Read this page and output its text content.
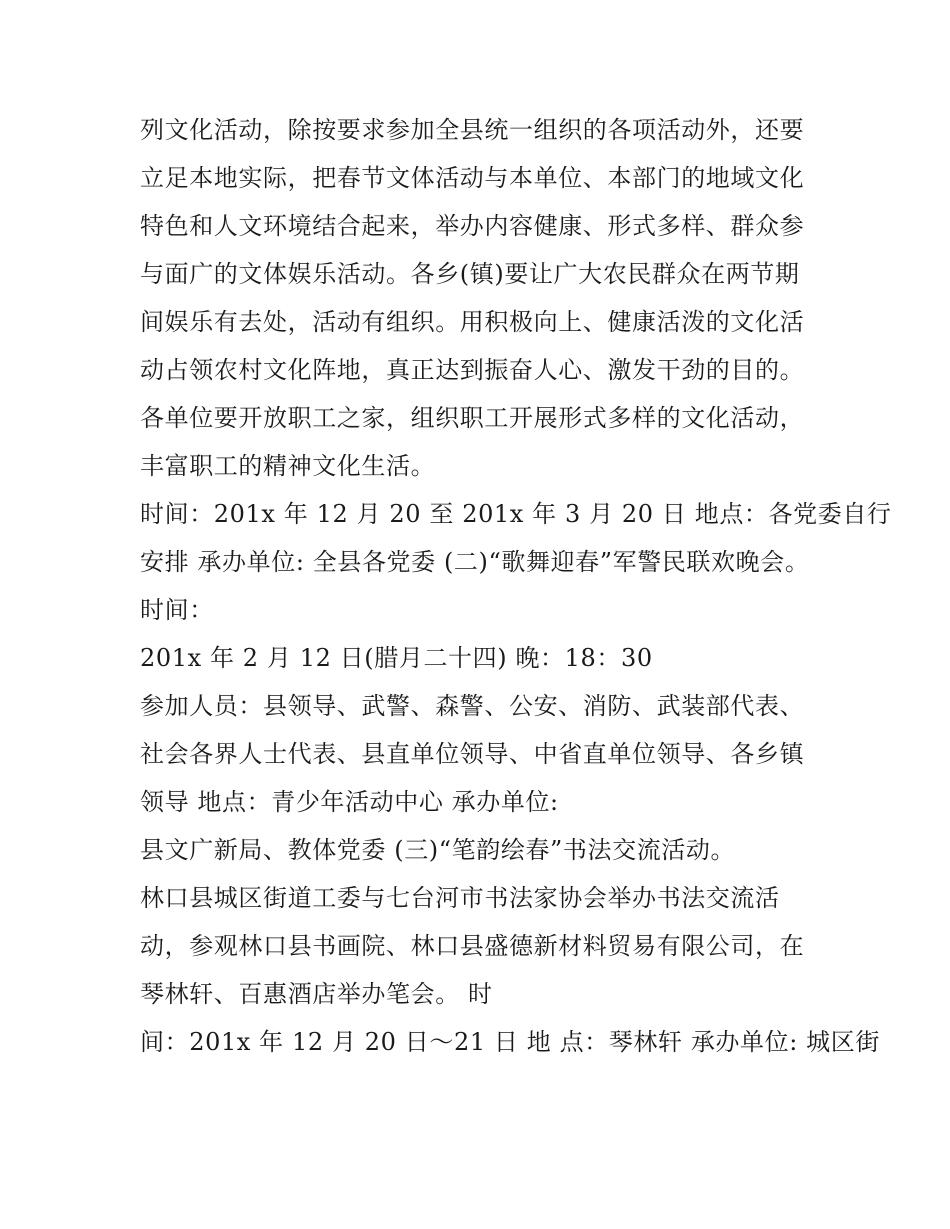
列文化活动，除按要求参加全县统一组织的各项活动外，还要
立足本地实际，把春节文体活动与本单位、本部门的地域文化
特色和人文环境结合起来，举办内容健康、形式多样、群众参
与面广的文体娱乐活动。各乡(镇)要让广大农民群众在两节期
间娱乐有去处，活动有组织。用积极向上、健康活泼的文化活
动占领农村文化阵地，真正达到振奋人心、激发干劲的目的。
各单位要开放职工之家，组织职工开展形式多样的文化活动，
丰富职工的精神文化生活。
时间：201x 年 12 月 20 至 201x 年 3 月 20 日 地点：各党委自行
安排 承办单位: 全县各党委 (二)“歌舞迎春”军警民联欢晚会。
时间：
201x 年 2 月 12 日(腊月二十四) 晚：18：30
参加人员：县领导、武警、森警、公安、消防、武装部代表、
社会各界人士代表、县直单位领导、中省直单位领导、各乡镇
领导 地点：青少年活动中心 承办单位:
县文广新局、教体党委 (三)“笔韵绘春”书法交流活动。
林口县城区街道工委与七台河市书法家协会举办书法交流活
动，参观林口县书画院、林口县盛德新材料贸易有限公司，在
琴林轩、百惠酒店举办笔会。 时
间：201x 年 12 月 20 日～21 日 地 点：琴林轩 承办单位: 城区街
